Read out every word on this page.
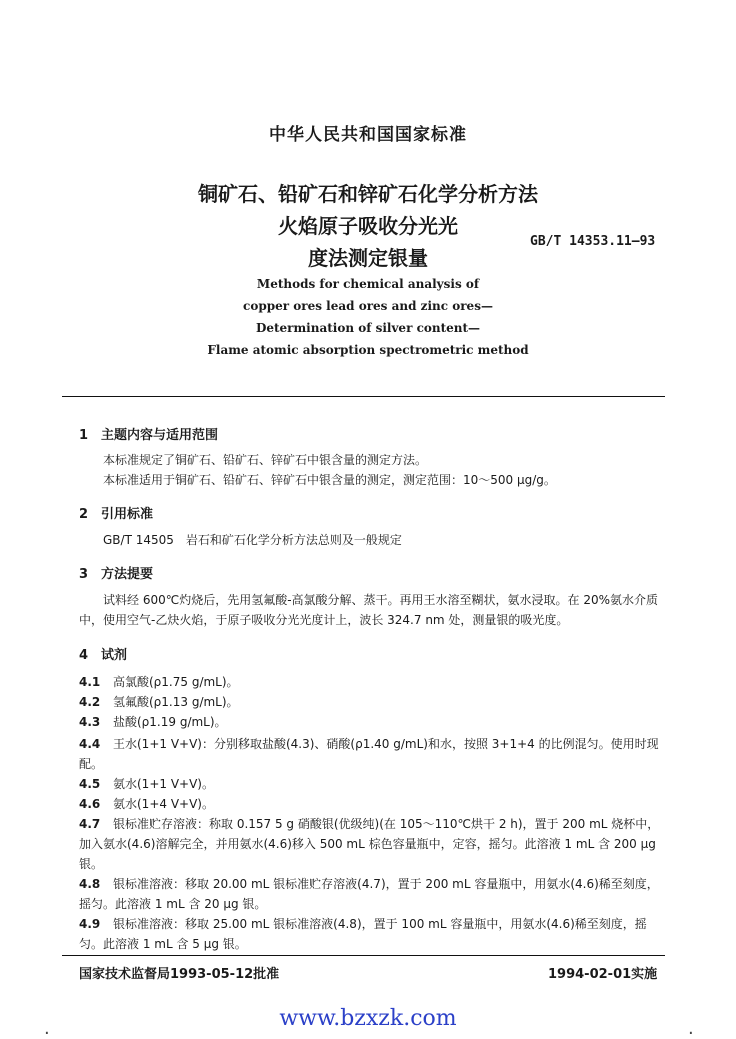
中华人民共和国国家标准
铜矿石、铅矿石和锌矿石化学分析方法
火焰原子吸收分光光
度法测定银量
GB/T 14353.11—93
Methods for chemical analysis of
copper ores lead ores and zinc ores—
Determination of silver content—
Flame atomic absorption spectrometric method
1 主题内容与适用范围
本标准规定了铜矿石、铅矿石、锌矿石中银含量的测定方法。
本标准适用于铜矿石、铅矿石、锌矿石中银含量的测定，测定范围：10～500 μg/g。
2 引用标准
GB/T 14505　岩石和矿石化学分析方法总则及一般规定
3 方法提要
试料经 600℃灼烧后，先用氢氟酸-高氯酸分解、蒸干。再用王水溶至糊状，氨水浸取。在 20%氨水介质中，使用空气-乙炔火焰，于原子吸收分光光度计上，波长 324.7 nm 处，测量银的吸光度。
4 试剂
4.1 高氯酸(ρ1.75 g/mL)。
4.2 氢氟酸(ρ1.13 g/mL)。
4.3 盐酸(ρ1.19 g/mL)。
4.4 王水(1+1 V+V)：分别移取盐酸(4.3)、硝酸(ρ1.40 g/mL)和水，按照 3+1+4 的比例混匀。使用时现配。
4.5 氨水(1+1 V+V)。
4.6 氨水(1+4 V+V)。
4.7 银标准贮存溶液：称取 0.157 5 g 硝酸银(优级纯)(在 105～110℃烘干 2 h)，置于 200 mL 烧杯中，加入氨水(4.6)溶解完全，并用氨水(4.6)移入 500 mL 棕色容量瓶中，定容，摇匀。此溶液 1 mL 含 200 μg 银。
4.8 银标准溶液：移取 20.00 mL 银标准贮存溶液(4.7)，置于 200 mL 容量瓶中，用氨水(4.6)稀至刻度，摇匀。此溶液 1 mL 含 20 μg 银。
4.9 银标准溶液：移取 25.00 mL 银标准溶液(4.8)，置于 100 mL 容量瓶中，用氨水(4.6)稀至刻度，摇匀。此溶液 1 mL 含 5 μg 银。
国家技术监督局1993-05-12批准	1994-02-01实施
.	www.bzxzk.com	.
